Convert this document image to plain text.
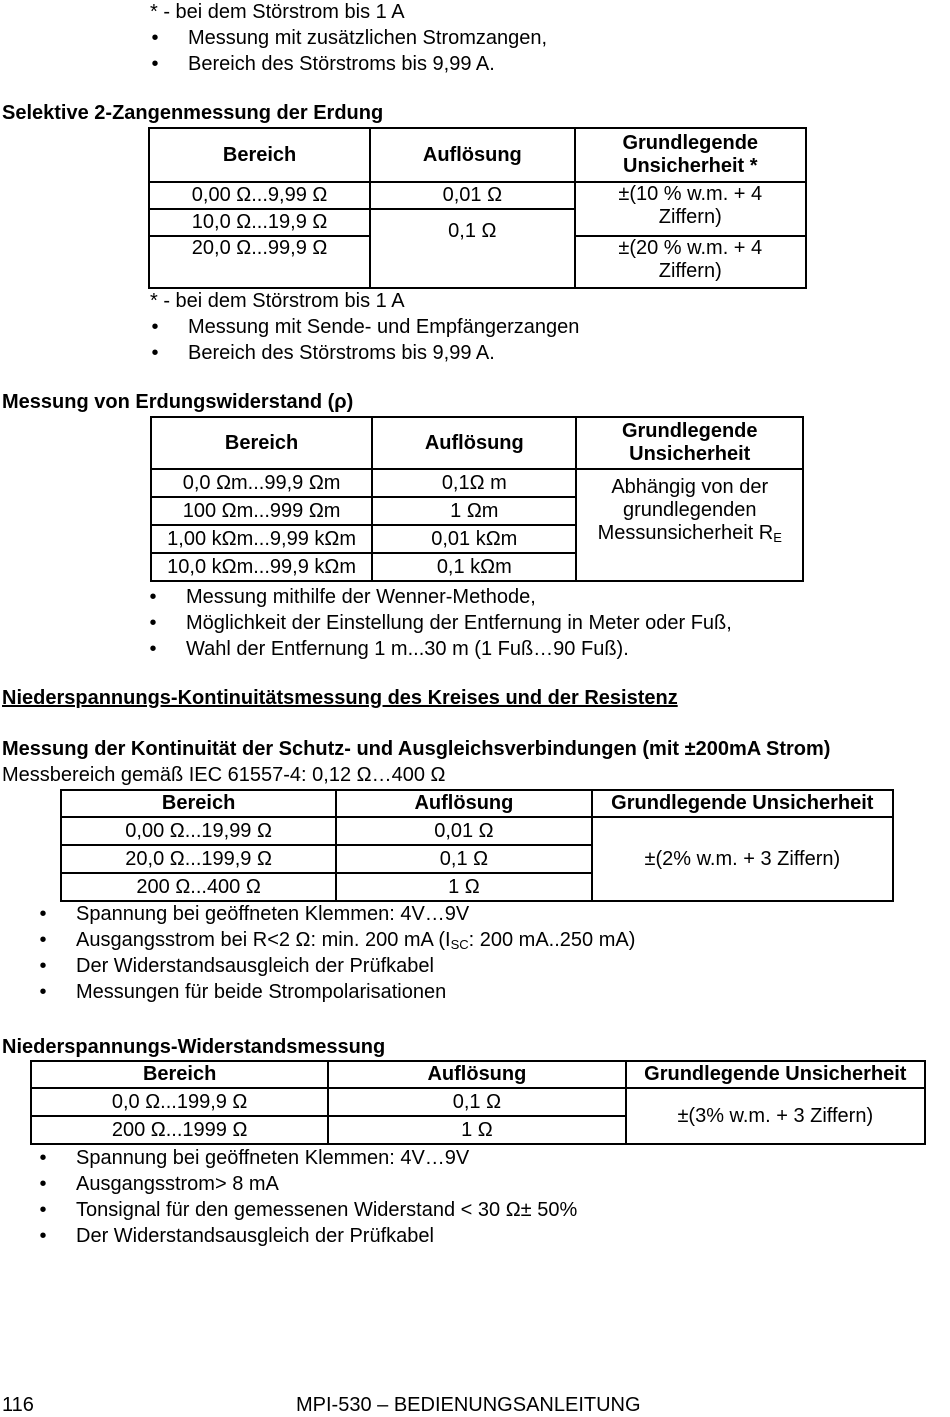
* - bei dem Störstrom bis 1 A
• Messung mit zusätzlichen Stromzangen,
• Bereich des Störstroms bis 9,99 A.
Selektive 2-Zangenmessung der Erdung
Bereich	Auflösung	Grundlegende
Unsicherheit *
0,00 Ω...9,99 Ω	0,01 Ω	±(10 % w.m. + 4
Ziffern)
10,0 Ω...19,9 Ω	0,1 Ω	
20,0 Ω...99,9 Ω		±(20 % w.m. + 4
Ziffern)
* - bei dem Störstrom bis 1 A
• Messung mit Sende- und Empfängerzangen
• Bereich des Störstroms bis 9,99 A.
Messung von Erdungswiderstand (ρ)
Bereich	Auflösung	Grundlegende
Unsicherheit
0,0 Ωm...99,9 Ωm	0,1Ω m	Abhängig von der
grundlegenden
Messunsicherheit $R_E$
100 Ωm...999 Ωm	1 Ωm	
1,00 kΩm...9,99 kΩm	0,01 kΩm	
10,0 kΩm...99,9 kΩm	0,1 kΩm	
• Messung mithilfe der Wenner-Methode,
• Möglichkeit der Einstellung der Entfernung in Meter oder Fuß,
• Wahl der Entfernung 1 m...30 m (1 Fuß…90 Fuß).
Niederspannungs-Kontinuitätsmessung des Kreises und der Resistenz
Messung der Kontinuität der Schutz- und Ausgleichsverbindungen (mit ±200mA Strom)
Messbereich gemäß IEC 61557-4: 0,12 Ω…400 Ω
Bereich	Auflösung	Grundlegende Unsicherheit
0,00 Ω...19,99 Ω	0,01 Ω	±(2% w.m. + 3 Ziffern)
20,0 Ω...199,9 Ω	0,1 Ω	
200 Ω...400 Ω	1 Ω	
• Spannung bei geöffneten Klemmen: 4V…9V
• Ausgangsstrom bei R<2 Ω: min. 200 mA ($I_{SC}$: 200 mA..250 mA)
• Der Widerstandsausgleich der Prüfkabel
• Messungen für beide Strompolarisationen
Niederspannungs-Widerstandsmessung
Bereich	Auflösung	Grundlegende Unsicherheit
0,0 Ω...199,9 Ω	0,1 Ω	±(3% w.m. + 3 Ziffern)
200 Ω...1999 Ω	1 Ω	
• Spannung bei geöffneten Klemmen: 4V…9V
• Ausgangsstrom> 8 mA
• Tonsignal für den gemessenen Widerstand < 30 Ω± 50%
• Der Widerstandsausgleich der Prüfkabel
116	MPI-530 – BEDIENUNGSANLEITUNG
